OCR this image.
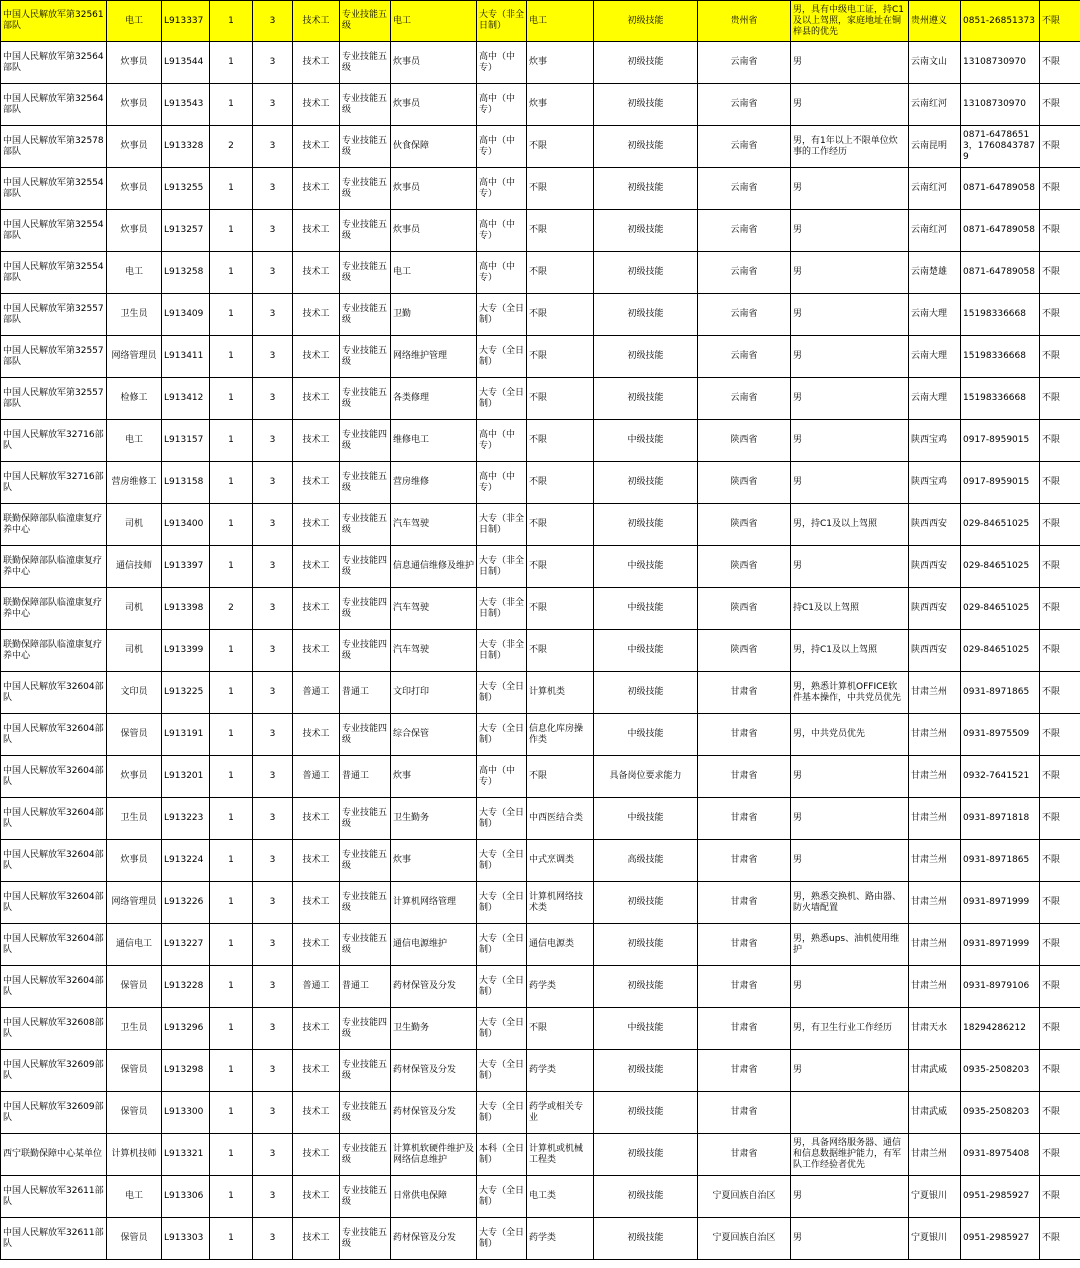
中国人民解放军第32561部队	电工	L913337	1	3	技术工	专业技能五级	电工	大专（非全日制）	电工	初级技能	贵州省	男，具有中级电工证，持C1及以上驾照，家庭地址在铜梓县的优先	贵州遵义	0851-26851373	不限
中国人民解放军第32564部队	炊事员	L913544	1	3	技术工	专业技能五级	炊事员	高中（中专）	炊事	初级技能	云南省	男	云南文山	13108730970	不限
中国人民解放军第32564部队	炊事员	L913543	1	3	技术工	专业技能五级	炊事员	高中（中专）	炊事	初级技能	云南省	男	云南红河	13108730970	不限
中国人民解放军第32578部队	炊事员	L913328	2	3	技术工	专业技能五级	伙食保障	高中（中专）	不限	初级技能	云南省	男，有1年以上不限单位炊事的工作经历	云南昆明	0871-64786513，17608437879	不限
中国人民解放军第32554部队	炊事员	L913255	1	3	技术工	专业技能五级	炊事员	高中（中专）	不限	初级技能	云南省	男	云南红河	0871-64789058	不限
中国人民解放军第32554部队	炊事员	L913257	1	3	技术工	专业技能五级	炊事员	高中（中专）	不限	初级技能	云南省	男	云南红河	0871-64789058	不限
中国人民解放军第32554部队	电工	L913258	1	3	技术工	专业技能五级	电工	高中（中专）	不限	初级技能	云南省	男	云南楚雄	0871-64789058	不限
中国人民解放军第32557部队	卫生员	L913409	1	3	技术工	专业技能五级	卫勤	大专（全日制）	不限	初级技能	云南省	男	云南大理	15198336668	不限
中国人民解放军第32557部队	网络管理员	L913411	1	3	技术工	专业技能五级	网络维护管理	大专（全日制）	不限	初级技能	云南省	男	云南大理	15198336668	不限
中国人民解放军第32557部队	检修工	L913412	1	3	技术工	专业技能五级	各类修理	大专（全日制）	不限	初级技能	云南省	男	云南大理	15198336668	不限
中国人民解放军32716部队	电工	L913157	1	3	技术工	专业技能四级	维修电工	高中（中专）	不限	中级技能	陕西省	男	陕西宝鸡	0917-8959015	不限
中国人民解放军32716部队	营房维修工	L913158	1	3	技术工	专业技能五级	营房维修	高中（中专）	不限	初级技能	陕西省	男	陕西宝鸡	0917-8959015	不限
联勤保障部队临潼康复疗养中心	司机	L913400	1	3	技术工	专业技能五级	汽车驾驶	大专（非全日制）	不限	初级技能	陕西省	男，持C1及以上驾照	陕西西安	029-84651025	不限
联勤保障部队临潼康复疗养中心	通信技师	L913397	1	3	技术工	专业技能四级	信息通信维修及维护	大专（非全日制）	不限	中级技能	陕西省	男	陕西西安	029-84651025	不限
联勤保障部队临潼康复疗养中心	司机	L913398	2	3	技术工	专业技能四级	汽车驾驶	大专（非全日制）	不限	中级技能	陕西省	持C1及以上驾照	陕西西安	029-84651025	不限
联勤保障部队临潼康复疗养中心	司机	L913399	1	3	技术工	专业技能四级	汽车驾驶	大专（非全日制）	不限	中级技能	陕西省	男，持C1及以上驾照	陕西西安	029-84651025	不限
中国人民解放军32604部队	文印员	L913225	1	3	普通工	普通工	文印打印	大专（全日制）	计算机类	初级技能	甘肃省	男，熟悉计算机OFFICE软件基本操作，中共党员优先	甘肃兰州	0931-8971865	不限
中国人民解放军32604部队	保管员	L913191	1	3	技术工	专业技能四级	综合保管	大专（全日制）	信息化库房操作类	中级技能	甘肃省	男，中共党员优先	甘肃兰州	0931-8975509	不限
中国人民解放军32604部队	炊事员	L913201	1	3	普通工	普通工	炊事	高中（中专）	不限	具备岗位要求能力	甘肃省	男	甘肃兰州	0932-7641521	不限
中国人民解放军32604部队	卫生员	L913223	1	3	技术工	专业技能五级	卫生勤务	大专（全日制）	中西医结合类	中级技能	甘肃省	男	甘肃兰州	0931-8971818	不限
中国人民解放军32604部队	炊事员	L913224	1	3	技术工	专业技能五级	炊事	大专（全日制）	中式烹调类	高级技能	甘肃省	男	甘肃兰州	0931-8971865	不限
中国人民解放军32604部队	网络管理员	L913226	1	3	技术工	专业技能五级	计算机网络管理	大专（全日制）	计算机网络技术类	初级技能	甘肃省	男，熟悉交换机、路由器、防火墙配置	甘肃兰州	0931-8971999	不限
中国人民解放军32604部队	通信电工	L913227	1	3	技术工	专业技能五级	通信电源维护	大专（全日制）	通信电源类	初级技能	甘肃省	男，熟悉ups、油机使用维护	甘肃兰州	0931-8971999	不限
中国人民解放军32604部队	保管员	L913228	1	3	普通工	普通工	药材保管及分发	大专（全日制）	药学类	初级技能	甘肃省	男	甘肃兰州	0931-8979106	不限
中国人民解放军32608部队	卫生员	L913296	1	3	技术工	专业技能四级	卫生勤务	大专（全日制）	不限	中级技能	甘肃省	男，有卫生行业工作经历	甘肃天水	18294286212	不限
中国人民解放军32609部队	保管员	L913298	1	3	技术工	专业技能五级	药材保管及分发	大专（全日制）	药学类	初级技能	甘肃省	男	甘肃武威	0935-2508203	不限
中国人民解放军32609部队	保管员	L913300	1	3	技术工	专业技能五级	药材保管及分发	大专（全日制）	药学或相关专业	初级技能	甘肃省		甘肃武威	0935-2508203	不限
西宁联勤保障中心某单位	计算机技师	L913321	1	3	技术工	专业技能五级	计算机软硬件维护及网络信息维护	本科（全日制）	计算机或机械工程类	初级技能	甘肃省	男，具备网络服务器、通信和信息数据维护能力，有军队工作经验者优先	甘肃兰州	0931-8975408	不限
中国人民解放军32611部队	电工	L913306	1	3	技术工	专业技能五级	日常供电保障	大专（全日制）	电工类	初级技能	宁夏回族自治区	男	宁夏银川	0951-2985927	不限
中国人民解放军32611部队	保管员	L913303	1	3	技术工	专业技能五级	药材保管及分发	大专（全日制）	药学类	初级技能	宁夏回族自治区	男	宁夏银川	0951-2985927	不限
